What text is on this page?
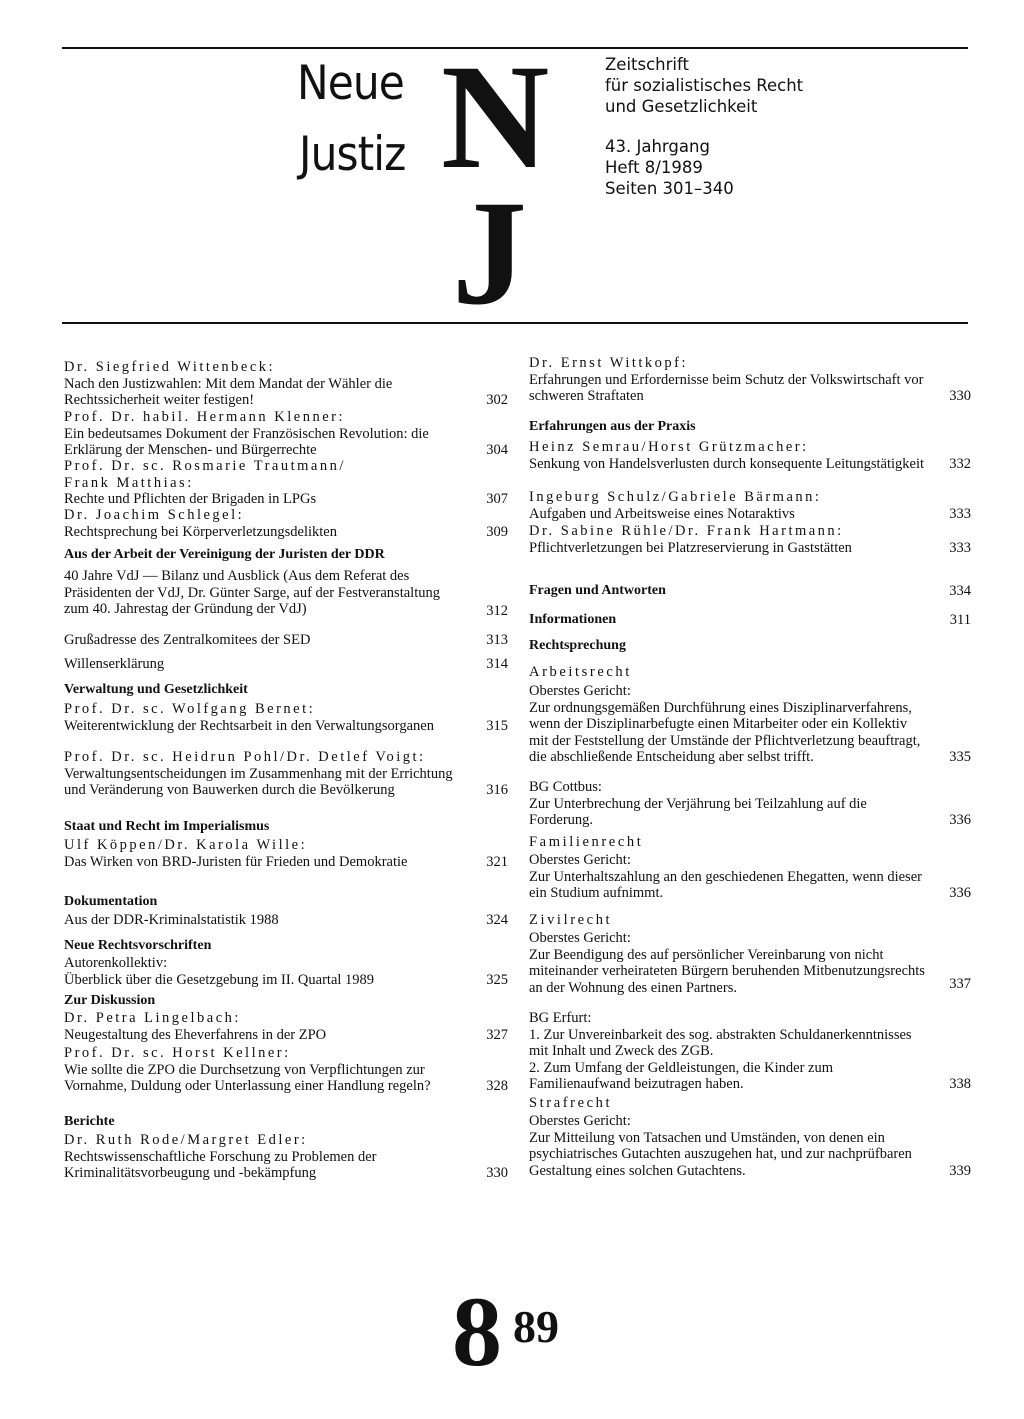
Neue
Justiz N
J
Zeitschrift
für sozialistisches Recht
und Gesetzlichkeit
43. Jahrgang
Heft 8/1989
Seiten 301–340
Dr. Siegfried Wittenbeck:
Nach den Justizwahlen: Mit dem Mandat der Wähler die Rechtssicherheit weiter festigen!	302
Prof. Dr. habil. Hermann Klenner:
Ein bedeutsames Dokument der Französischen Revolution: die Erklärung der Menschen- und Bürgerrechte	304
Prof. Dr. sc. Rosmarie Trautmann/ Frank Matthias:
Rechte und Pflichten der Brigaden in LPGs	307
Dr. Joachim Schlegel:
Rechtsprechung bei Körperverletzungsdelikten	309
Aus der Arbeit der Vereinigung der Juristen der DDR
40 Jahre VdJ — Bilanz und Ausblick (Aus dem Referat des Präsidenten der VdJ, Dr. Günter Sarge, auf der Festveranstaltung zum 40. Jahrestag der Gründung der VdJ)	312
Grußadresse des Zentralkomitees der SED	313
Willenserklärung	314
Verwaltung und Gesetzlichkeit
Prof. Dr. sc. Wolfgang Bernet:
Weiterentwicklung der Rechtsarbeit in den Verwaltungsorganen	315
Prof. Dr. sc. Heidrun Pohl/Dr. Detlef Voigt:
Verwaltungsentscheidungen im Zusammenhang mit der Errichtung und Veränderung von Bauwerken durch die Bevölkerung	316
Staat und Recht im Imperialismus
Ulf Köppen/Dr. Karola Wille:
Das Wirken von BRD-Juristen für Frieden und Demokratie	321
Dokumentation
Aus der DDR-Kriminalstatistik 1988	324
Neue Rechtsvorschriften
Autorenkollektiv:
Überblick über die Gesetzgebung im II. Quartal 1989	325
Zur Diskussion
Dr. Petra Lingelbach:
Neugestaltung des Eheverfahrens in der ZPO	327
Prof. Dr. sc. Horst Kellner:
Wie sollte die ZPO die Durchsetzung von Verpflichtungen zur Vornahme, Duldung oder Unterlassung einer Handlung regeln?	328
Berichte
Dr. Ruth Rode/Margret Edler:
Rechtswissenschaftliche Forschung zu Problemen der Kriminalitätsvorbeugung und -bekämpfung	330
Dr. Ernst Wittkopf:
Erfahrungen und Erfordernisse beim Schutz der Volkswirtschaft vor schweren Straftaten	330
Erfahrungen aus der Praxis
Heinz Semrau/Horst Grützmacher:
Senkung von Handelsverlusten durch konsequente Leitungstätigkeit	332
Ingeburg Schulz/Gabriele Bärmann:
Aufgaben und Arbeitsweise eines Notaraktivs	333
Dr. Sabine Rühle/Dr. Frank Hartmann:
Pflichtverletzungen bei Platzreservierung in Gaststätten	333
Fragen und Antworten	334
Informationen	311
Rechtsprechung
Arbeitsrecht
Oberstes Gericht:
Zur ordnungsgemäßen Durchführung eines Disziplinarverfahrens, wenn der Disziplinarbefugte einen Mitarbeiter oder ein Kollektiv mit der Feststellung der Umstände der Pflichtverletzung beauftragt, die abschließende Entscheidung aber selbst trifft.	335
BG Cottbus:
Zur Unterbrechung der Verjährung bei Teilzahlung auf die Forderung.	336
Familienrecht
Oberstes Gericht:
Zur Unterhaltszahlung an den geschiedenen Ehegatten, wenn dieser ein Studium aufnimmt.	336
Zivilrecht
Oberstes Gericht:
Zur Beendigung des auf persönlicher Vereinbarung von nicht miteinander verheirateten Bürgern beruhenden Mitbenutzungsrechts an der Wohnung des einen Partners.	337
BG Erfurt:
1. Zur Unvereinbarkeit des sog. abstrakten Schuldanerkenntnisses mit Inhalt und Zweck des ZGB.
2. Zum Umfang der Geldleistungen, die Kinder zum Familienaufwand beizutragen haben.	338
Strafrecht
Oberstes Gericht:
Zur Mitteilung von Tatsachen und Umständen, von denen ein psychiatrisches Gutachten auszugehen hat, und zur nachprüfbaren Gestaltung eines solchen Gutachtens.	339
8 89
